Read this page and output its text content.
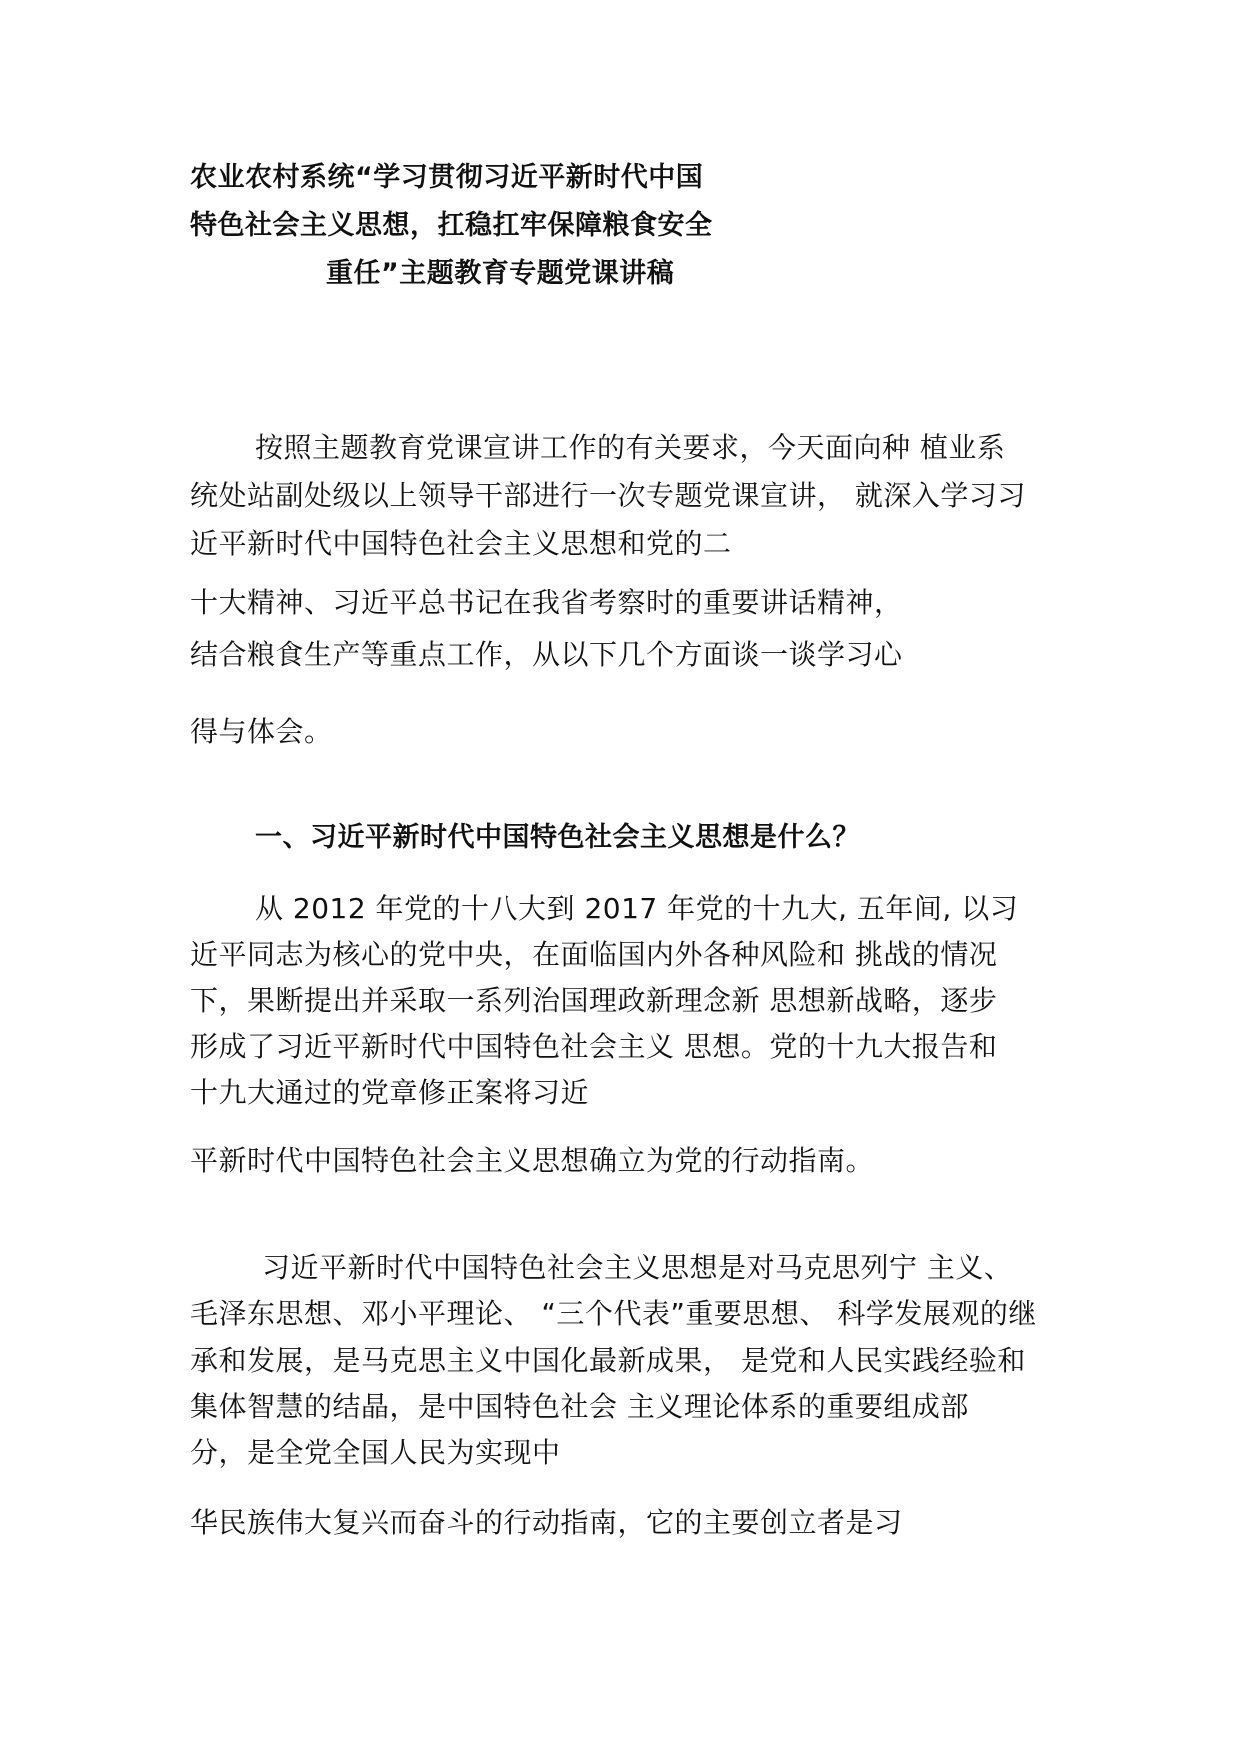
农业农村系统“学习贯彻习近平新时代中国
特色社会主义思想，扛稳扛牢保障粮食安全
重任”主题教育专题党课讲稿
按照主题教育党课宣讲工作的有关要求，今天面向种 植业系
统处站副处级以上领导干部进行一次专题党课宣讲， 就深入学习习
近平新时代中国特色社会主义思想和党的二
十大精神、习近平总书记在我省考察时的重要讲话精神，
结合粮食生产等重点工作，从以下几个方面谈一谈学习心
得与体会。
一、习近平新时代中国特色社会主义思想是什么？
从 2012 年党的十八大到 2017 年党的十九大, 五年间, 以习
近平同志为核心的党中央，在面临国内外各种风险和 挑战的情况
下，果断提出并采取一系列治国理政新理念新 思想新战略，逐步
形成了习近平新时代中国特色社会主义 思想。党的十九大报告和
十九大通过的党章修正案将习近
平新时代中国特色社会主义思想确立为党的行动指南。
习近平新时代中国特色社会主义思想是对马克思列宁 主义、
毛泽东思想、邓小平理论、 “三个代表”重要思想、 科学发展观的继
承和发展，是马克思主义中国化最新成果， 是党和人民实践经验和
集体智慧的结晶，是中国特色社会 主义理论体系的重要组成部
分，是全党全国人民为实现中
华民族伟大复兴而奋斗的行动指南，它的主要创立者是习
